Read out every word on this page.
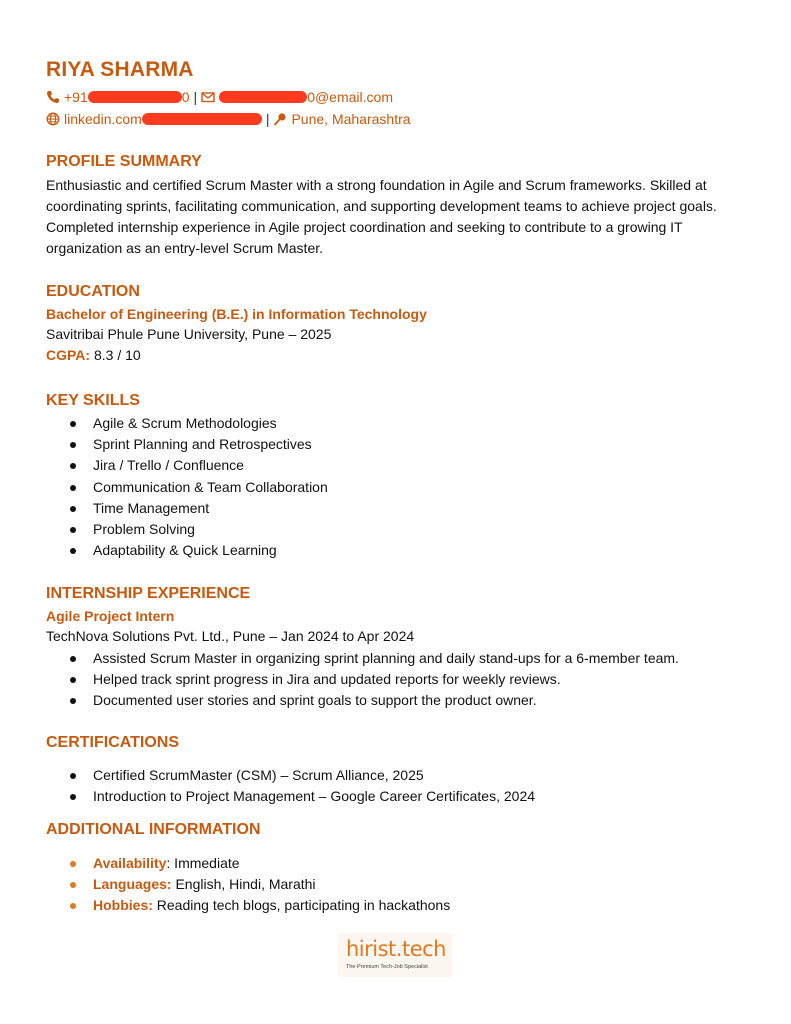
RIYA SHARMA
+91	0 |	0@email.com
linkedin.com	| Pune, Maharashtra
PROFILE SUMMARY

Enthusiastic and certified Scrum Master with a strong foundation in Agile and Scrum frameworks. Skilled at coordinating sprints, facilitating communication, and supporting development teams to achieve project goals. Completed internship experience in Agile project coordination and seeking to contribute to a growing IT organization as an entry-level Scrum Master.

EDUCATION
Bachelor of Engineering (B.E.) in Information Technology
Savitribai Phule Pune University, Pune – 2025
CGPA: 8.3 / 10
KEY SKILLS
Agile & Scrum Methodologies
Sprint Planning and Retrospectives
Jira / Trello / Confluence
Communication & Team Collaboration
Time Management
Problem Solving
Adaptability & Quick Learning
INTERNSHIP EXPERIENCE
Agile Project Intern
TechNova Solutions Pvt. Ltd., Pune – Jan 2024 to Apr 2024
Assisted Scrum Master in organizing sprint planning and daily stand-ups for a 6-member team.
Helped track sprint progress in Jira and updated reports for weekly reviews.
Documented user stories and sprint goals to support the product owner.
CERTIFICATIONS
Certified ScrumMaster (CSM) – Scrum Alliance, 2025
Introduction to Project Management – Google Career Certificates, 2024
ADDITIONAL INFORMATION
Availability: Immediate
Languages: English, Hindi, Marathi
Hobbies: Reading tech blogs, participating in hackathons
hirist.tech
The Premium Tech-Job Specialist
